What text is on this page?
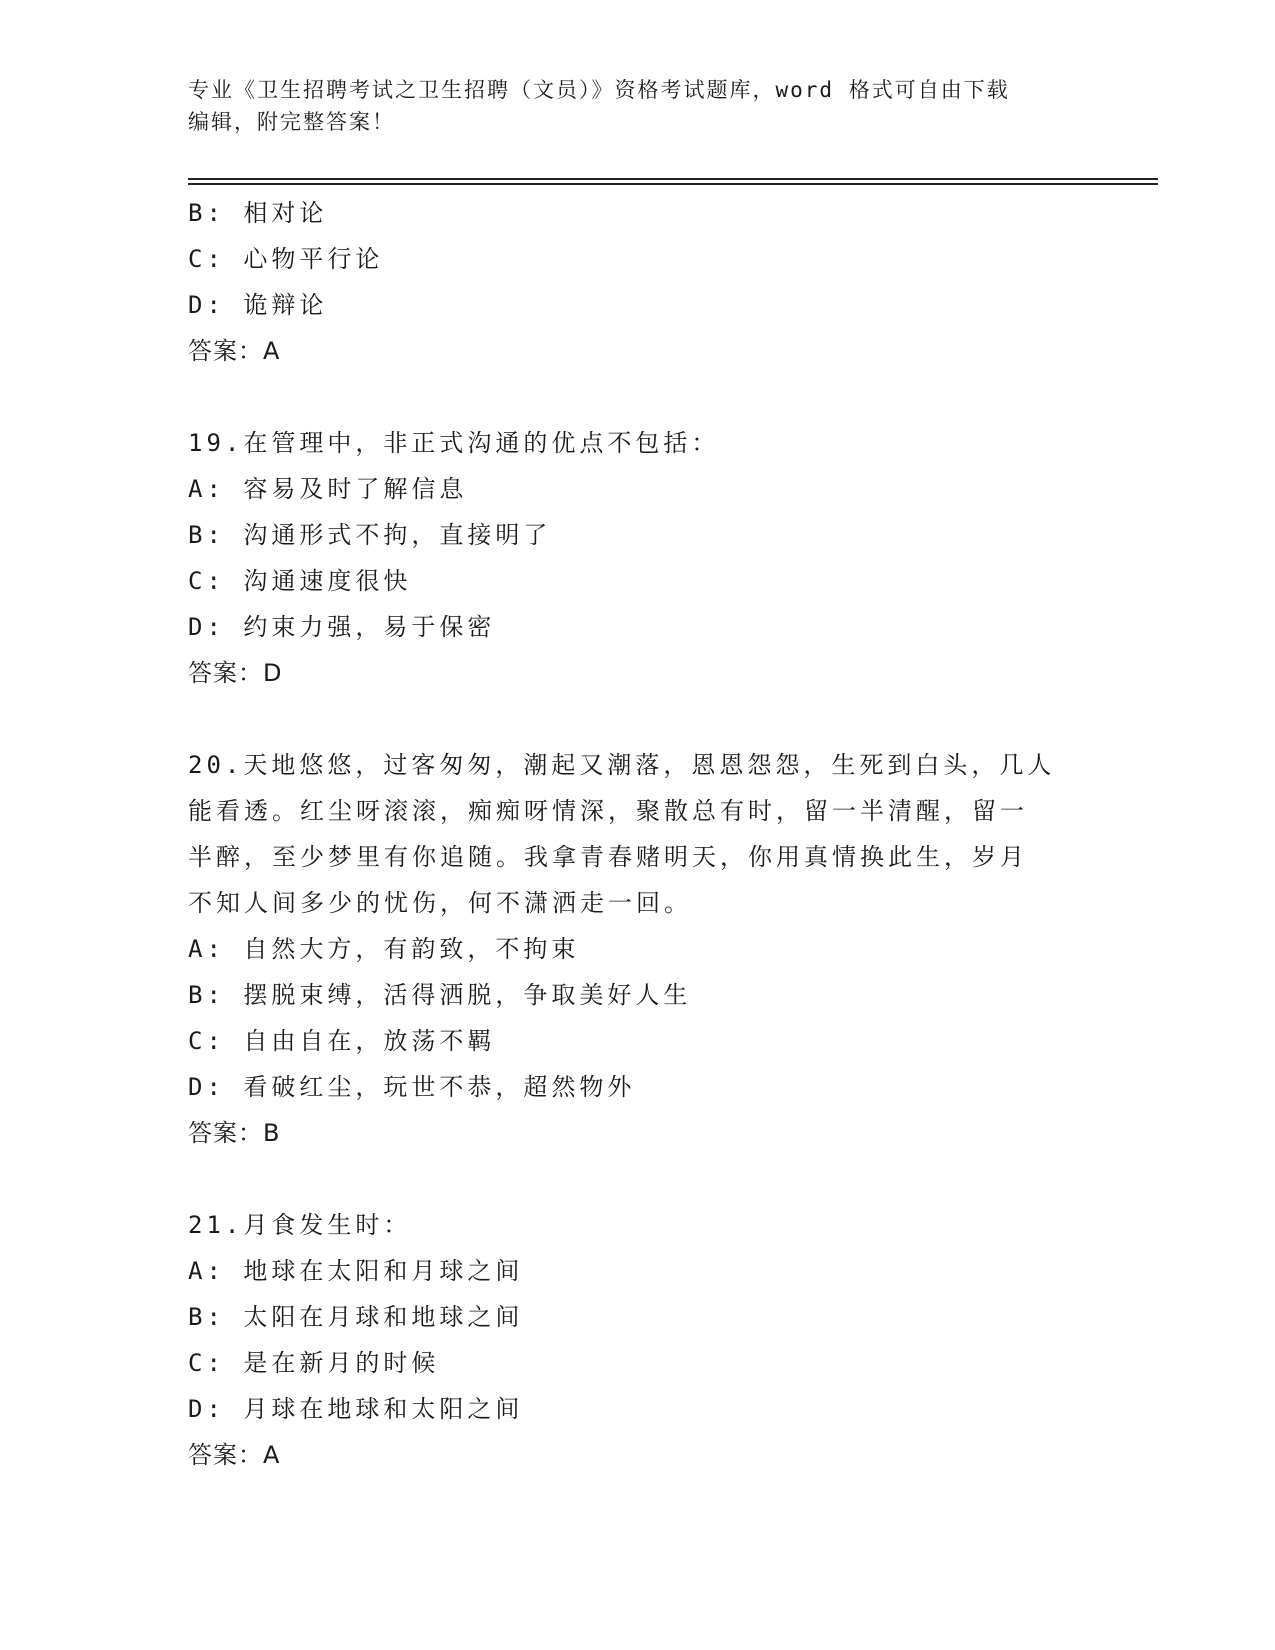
专业《卫生招聘考试之卫生招聘（文员）》资格考试题库，word 格式可自由下载
编辑，附完整答案！
B: 相对论
C: 心物平行论
D: 诡辩论
答案：A
19.在管理中，非正式沟通的优点不包括：
A: 容易及时了解信息
B: 沟通形式不拘，直接明了
C: 沟通速度很快
D: 约束力强，易于保密
答案：D
20.天地悠悠，过客匆匆，潮起又潮落，恩恩怨怨，生死到白头，几人
能看透。红尘呀滚滚，痴痴呀情深，聚散总有时，留一半清醒，留一
半醉，至少梦里有你追随。我拿青春赌明天，你用真情换此生，岁月
不知人间多少的忧伤，何不潇洒走一回。
A: 自然大方，有韵致，不拘束
B: 摆脱束缚，活得洒脱，争取美好人生
C: 自由自在，放荡不羁
D: 看破红尘，玩世不恭，超然物外
答案：B
21.月食发生时：
A: 地球在太阳和月球之间
B: 太阳在月球和地球之间
C: 是在新月的时候
D: 月球在地球和太阳之间
答案：A
